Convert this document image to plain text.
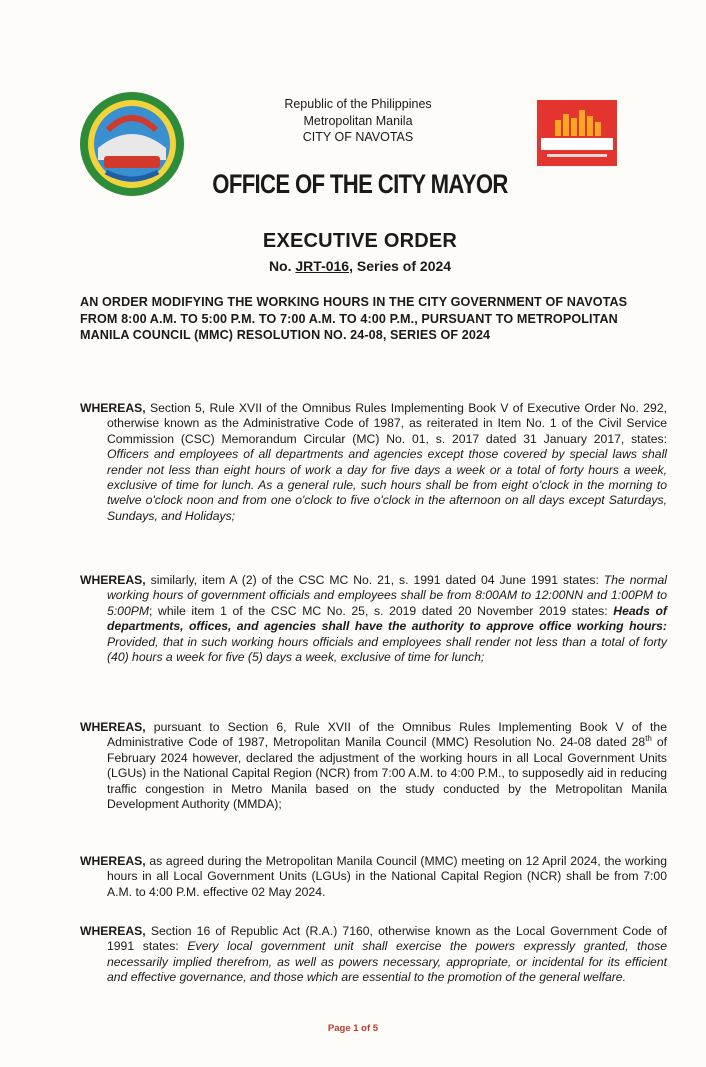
Republic of the Philippines
Metropolitan Manila
CITY OF NAVOTAS
OFFICE OF THE CITY MAYOR
EXECUTIVE ORDER
No. JRT-016, Series of 2024
AN ORDER MODIFYING THE WORKING HOURS IN THE CITY GOVERNMENT OF NAVOTAS FROM 8:00 A.M. TO 5:00 P.M. TO 7:00 A.M. TO 4:00 P.M., PURSUANT TO METROPOLITAN MANILA COUNCIL (MMC) RESOLUTION NO. 24-08, SERIES OF 2024
WHEREAS, Section 5, Rule XVII of the Omnibus Rules Implementing Book V of Executive Order No. 292, otherwise known as the Administrative Code of 1987, as reiterated in Item No. 1 of the Civil Service Commission (CSC) Memorandum Circular (MC) No. 01, s. 2017 dated 31 January 2017, states: Officers and employees of all departments and agencies except those covered by special laws shall render not less than eight hours of work a day for five days a week or a total of forty hours a week, exclusive of time for lunch. As a general rule, such hours shall be from eight o'clock in the morning to twelve o'clock noon and from one o'clock to five o'clock in the afternoon on all days except Saturdays, Sundays, and Holidays;
WHEREAS, similarly, item A (2) of the CSC MC No. 21, s. 1991 dated 04 June 1991 states: The normal working hours of government officials and employees shall be from 8:00AM to 12:00NN and 1:00PM to 5:00PM; while item 1 of the CSC MC No. 25, s. 2019 dated 20 November 2019 states: Heads of departments, offices, and agencies shall have the authority to approve office working hours: Provided, that in such working hours officials and employees shall render not less than a total of forty (40) hours a week for five (5) days a week, exclusive of time for lunch;
WHEREAS, pursuant to Section 6, Rule XVII of the Omnibus Rules Implementing Book V of the Administrative Code of 1987, Metropolitan Manila Council (MMC) Resolution No. 24-08 dated 28th of February 2024 however, declared the adjustment of the working hours in all Local Government Units (LGUs) in the National Capital Region (NCR) from 7:00 A.M. to 4:00 P.M., to supposedly aid in reducing traffic congestion in Metro Manila based on the study conducted by the Metropolitan Manila Development Authority (MMDA);
WHEREAS, as agreed during the Metropolitan Manila Council (MMC) meeting on 12 April 2024, the working hours in all Local Government Units (LGUs) in the National Capital Region (NCR) shall be from 7:00 A.M. to 4:00 P.M. effective 02 May 2024.
WHEREAS, Section 16 of Republic Act (R.A.) 7160, otherwise known as the Local Government Code of 1991 states: Every local government unit shall exercise the powers expressly granted, those necessarily implied therefrom, as well as powers necessary, appropriate, or incidental for its efficient and effective governance, and those which are essential to the promotion of the general welfare.
Page 1 of 5
